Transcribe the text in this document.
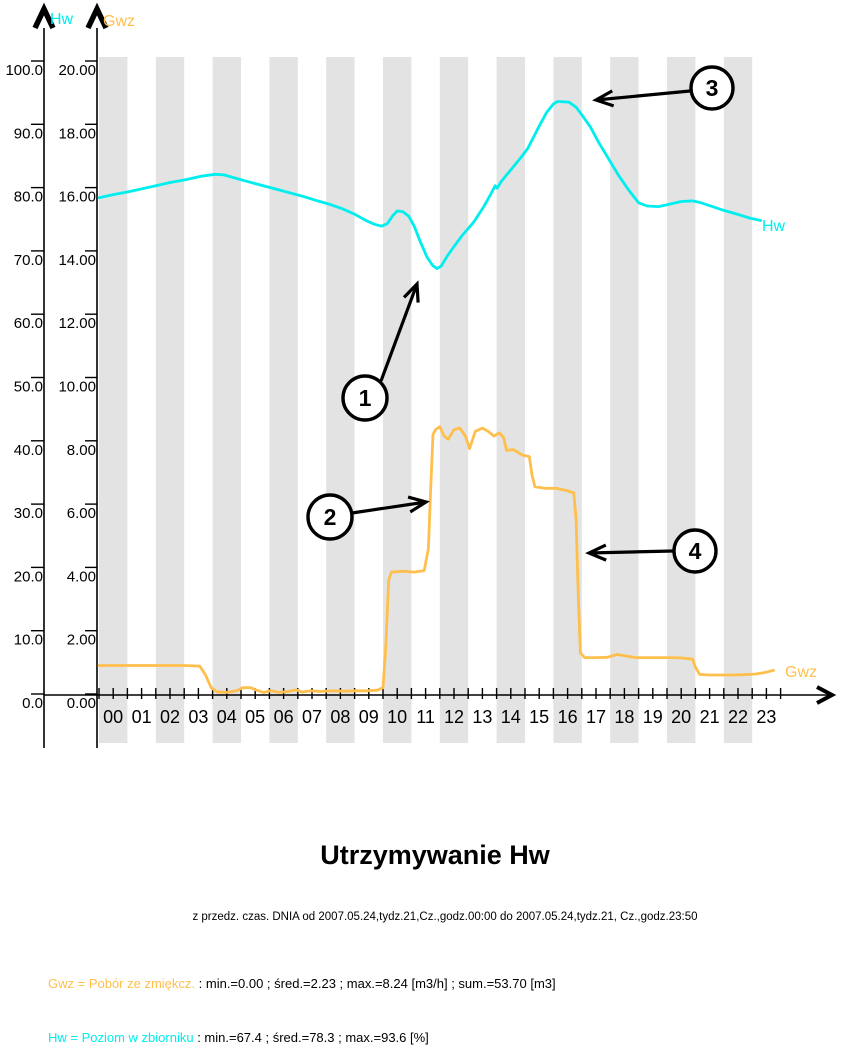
Hw Gwz
0.0
10.0
20.0
30.0
40.0
50.0
60.0
70.0
80.0
90.0
100.0
0.00
2.00
4.00
6.00
8.00
10.00
12.00
14.00
16.00
18.00
20.00
00 01 02 03 04 05 06 07 08 09 10 11 12 13 14 15 16 17 18 19 20 21 22 23
Hw
Gwz
1
2
3
4
Utrzymywanie Hw
z przedz. czas. DNIA od 2007.05.24,tydz.21,Cz.,godz.00:00 do 2007.05.24,tydz.21, Cz.,godz.23:50
Gwz = Pobór ze zmiękcz. : min.=0.00 ; śred.=2.23 ; max.=8.24 [m3/h] ; sum.=53.70 [m3]
Hw = Poziom w zbiorniku : min.=67.4 ; śred.=78.3 ; max.=93.6 [%]
